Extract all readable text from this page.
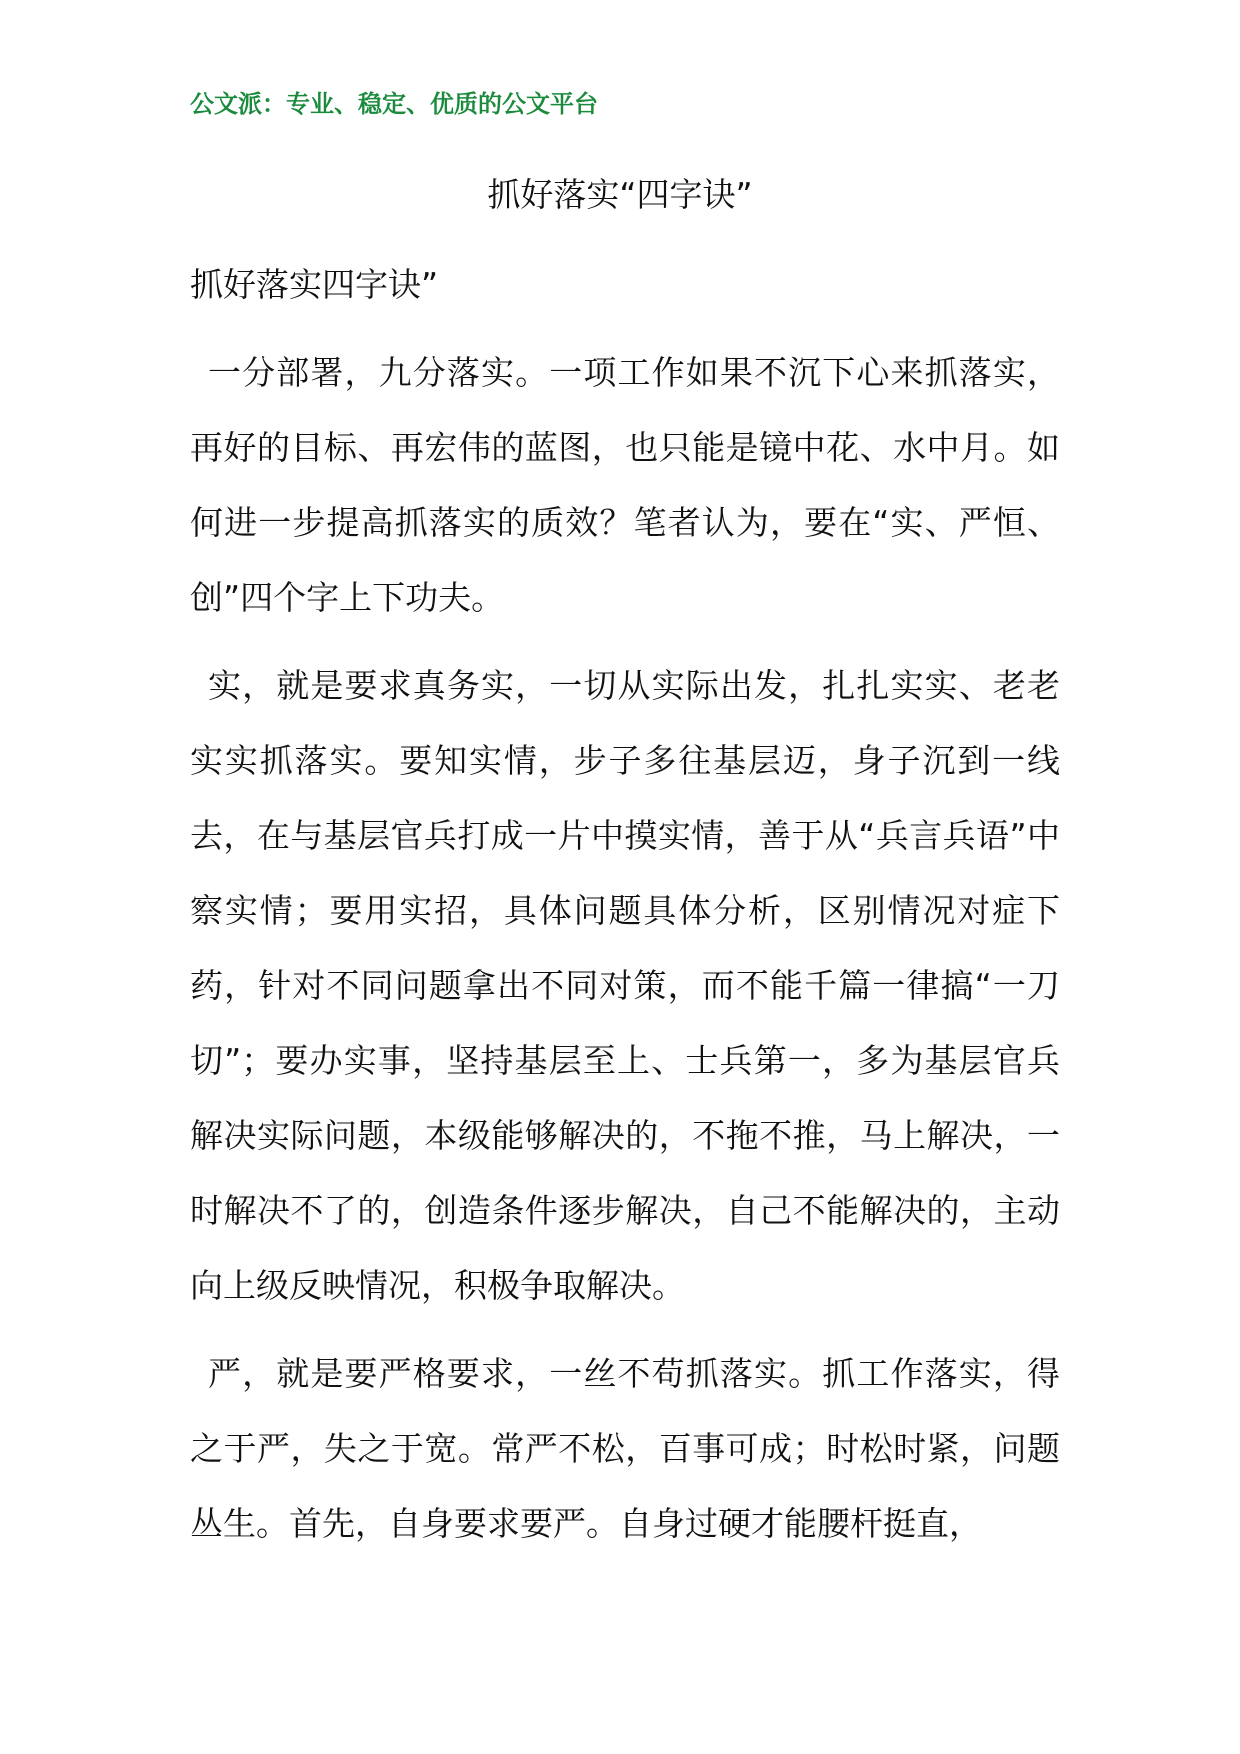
公文派：专业、稳定、优质的公文平台
抓好落实“四字诀”

抓好落实四字诀”

一分部署，九分落实。一项工作如果不沉下心来抓落实，再好的目标、再宏伟的蓝图，也只能是镜中花、水中月。如何进一步提高抓落实的质效？笔者认为，要在“实、严恒、创”四个字上下功夫。

实，就是要求真务实，一切从实际出发，扎扎实实、老老实实抓落实。要知实情，步子多往基层迈，身子沉到一线去，在与基层官兵打成一片中摸实情，善于从“兵言兵语”中察实情；要用实招，具体问题具体分析，区别情况对症下药，针对不同问题拿出不同对策，而不能千篇一律搞“一刀切”；要办实事，坚持基层至上、士兵第一，多为基层官兵解决实际问题，本级能够解决的，不拖不推，马上解决，一时解决不了的，创造条件逐步解决，自己不能解决的，主动向上级反映情况，积极争取解决。

严，就是要严格要求，一丝不苟抓落实。抓工作落实，得之于严，失之于宽。常严不松，百事可成；时松时紧，问题丛生。首先，自身要求要严。自身过硬才能腰杆挺直，
